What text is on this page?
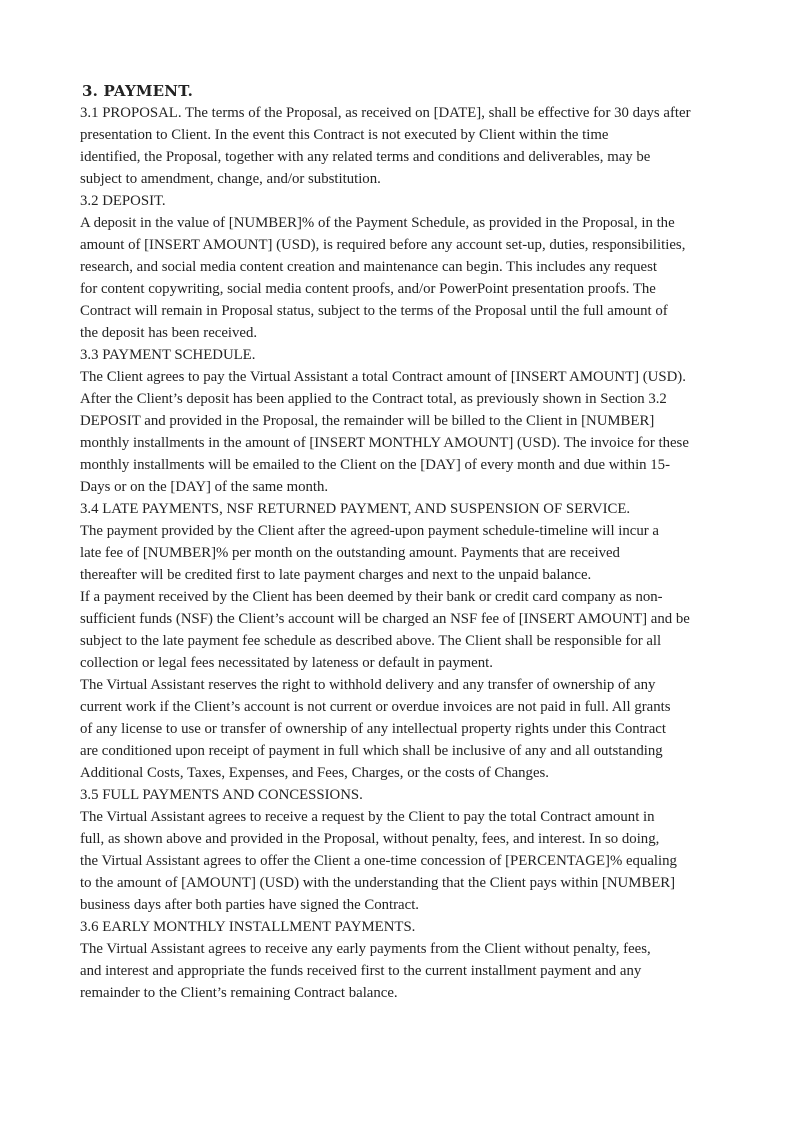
3. PAYMENT.
3.1 PROPOSAL. The terms of the Proposal, as received on [DATE], shall be effective for 30 days after
presentation to Client. In the event this Contract is not executed by Client within the time
identified, the Proposal, together with any related terms and conditions and deliverables, may be
subject to amendment, change, and/or substitution.
3.2 DEPOSIT.
A deposit in the value of [NUMBER]% of the Payment Schedule, as provided in the Proposal, in the
amount of [INSERT AMOUNT] (USD), is required before any account set-up, duties, responsibilities,
research, and social media content creation and maintenance can begin. This includes any request
for content copywriting, social media content proofs, and/or PowerPoint presentation proofs. The
Contract will remain in Proposal status, subject to the terms of the Proposal until the full amount of
the deposit has been received.
3.3 PAYMENT SCHEDULE.
The Client agrees to pay the Virtual Assistant a total Contract amount of [INSERT AMOUNT] (USD).
After the Client’s deposit has been applied to the Contract total, as previously shown in Section 3.2
DEPOSIT and provided in the Proposal, the remainder will be billed to the Client in [NUMBER]
monthly installments in the amount of [INSERT MONTHLY AMOUNT] (USD). The invoice for these
monthly installments will be emailed to the Client on the [DAY] of every month and due within 15-
Days or on the [DAY] of the same month.
3.4 LATE PAYMENTS, NSF RETURNED PAYMENT, AND SUSPENSION OF SERVICE.
The payment provided by the Client after the agreed-upon payment schedule-timeline will incur a
late fee of [NUMBER]% per month on the outstanding amount. Payments that are received
thereafter will be credited first to late payment charges and next to the unpaid balance.
If a payment received by the Client has been deemed by their bank or credit card company as non-
sufficient funds (NSF) the Client’s account will be charged an NSF fee of [INSERT AMOUNT] and be
subject to the late payment fee schedule as described above. The Client shall be responsible for all
collection or legal fees necessitated by lateness or default in payment.
The Virtual Assistant reserves the right to withhold delivery and any transfer of ownership of any
current work if the Client’s account is not current or overdue invoices are not paid in full. All grants
of any license to use or transfer of ownership of any intellectual property rights under this Contract
are conditioned upon receipt of payment in full which shall be inclusive of any and all outstanding
Additional Costs, Taxes, Expenses, and Fees, Charges, or the costs of Changes.
3.5 FULL PAYMENTS AND CONCESSIONS.
The Virtual Assistant agrees to receive a request by the Client to pay the total Contract amount in
full, as shown above and provided in the Proposal, without penalty, fees, and interest. In so doing,
the Virtual Assistant agrees to offer the Client a one-time concession of [PERCENTAGE]% equaling
to the amount of [AMOUNT] (USD) with the understanding that the Client pays within [NUMBER]
business days after both parties have signed the Contract.
3.6 EARLY MONTHLY INSTALLMENT PAYMENTS.
The Virtual Assistant agrees to receive any early payments from the Client without penalty, fees,
and interest and appropriate the funds received first to the current installment payment and any
remainder to the Client’s remaining Contract balance.
